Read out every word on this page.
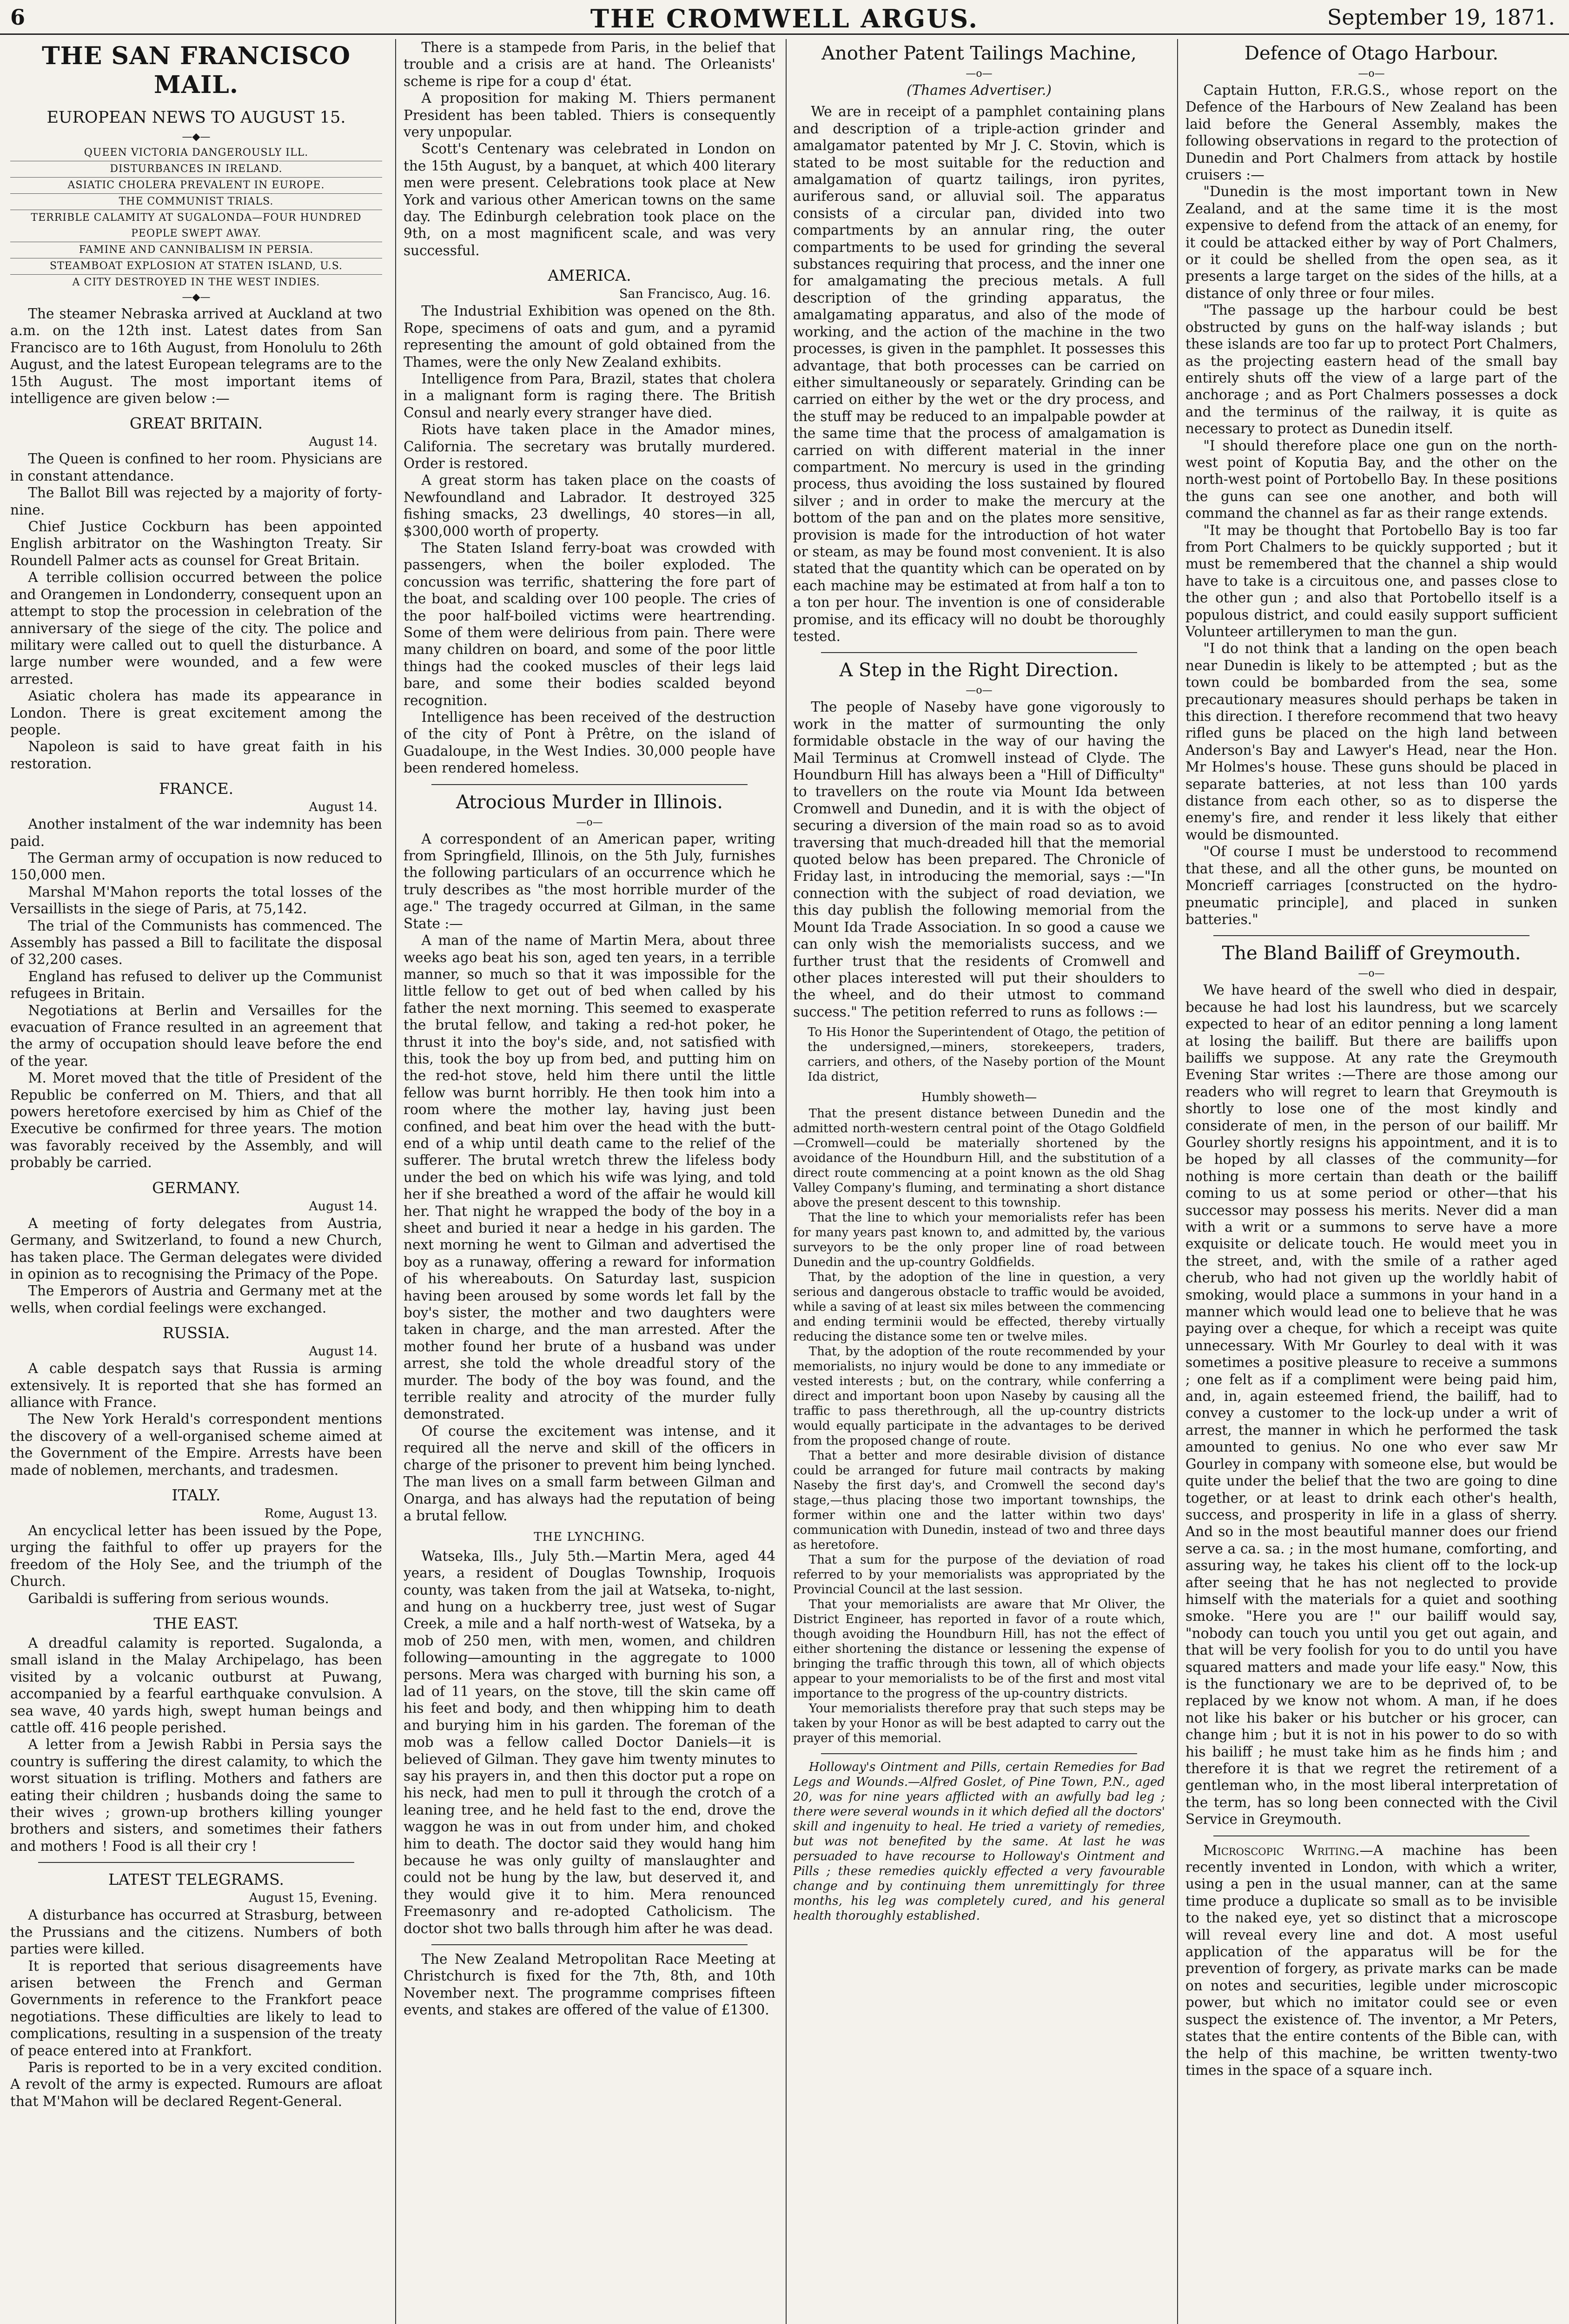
6	THE CROMWELL ARGUS.	September 19, 1871.
THE SAN FRANCISCO MAIL.
EUROPEAN NEWS TO AUGUST 15.
—◆—
QUEEN VICTORIA DANGEROUSLY ILL.
DISTURBANCES IN IRELAND.
ASIATIC CHOLERA PREVALENT IN EUROPE.
THE COMMUNIST TRIALS.
TERRIBLE CALAMITY AT SUGALONDA—FOUR HUNDRED PEOPLE SWEPT AWAY.
FAMINE AND CANNIBALISM IN PERSIA.
STEAMBOAT EXPLOSION AT STATEN ISLAND, U.S.
A CITY DESTROYED IN THE WEST INDIES.
—◆—

The steamer Nebraska arrived at Auckland at two a.m. on the 12th inst. Latest dates from San Francisco are to 16th August, from Honolulu to 26th August, and the latest European telegrams are to the 15th August. The most important items of intelligence are given below :—

GREAT BRITAIN.
August 14.

The Queen is confined to her room. Physicians are in constant attendance.

The Ballot Bill was rejected by a majority of forty-nine.

Chief Justice Cockburn has been appointed English arbitrator on the Washington Treaty. Sir Roundell Palmer acts as counsel for Great Britain.

A terrible collision occurred between the police and Orangemen in Londonderry, consequent upon an attempt to stop the procession in celebration of the anniversary of the siege of the city. The police and military were called out to quell the disturbance. A large number were wounded, and a few were arrested.

Asiatic cholera has made its appearance in London. There is great excitement among the people.

Napoleon is said to have great faith in his restoration.

FRANCE.
August 14.

Another instalment of the war indemnity has been paid.

The German army of occupation is now reduced to 150,000 men.

Marshal M'Mahon reports the total losses of the Versaillists in the siege of Paris, at 75,142.

The trial of the Communists has commenced. The Assembly has passed a Bill to facilitate the disposal of 32,200 cases.

England has refused to deliver up the Communist refugees in Britain.

Negotiations at Berlin and Versailles for the evacuation of France resulted in an agreement that the army of occupation should leave before the end of the year.

M. Moret moved that the title of President of the Republic be conferred on M. Thiers, and that all powers heretofore exercised by him as Chief of the Executive be confirmed for three years. The motion was favorably received by the Assembly, and will probably be carried.

GERMANY.
August 14.

A meeting of forty delegates from Austria, Germany, and Switzerland, to found a new Church, has taken place. The German delegates were divided in opinion as to recognising the Primacy of the Pope.

The Emperors of Austria and Germany met at the wells, when cordial feelings were exchanged.

RUSSIA.
August 14.

A cable despatch says that Russia is arming extensively. It is reported that she has formed an alliance with France.

The New York Herald's correspondent mentions the discovery of a well-organised scheme aimed at the Government of the Empire. Arrests have been made of noblemen, merchants, and tradesmen.

ITALY.
Rome, August 13.

An encyclical letter has been issued by the Pope, urging the faithful to offer up prayers for the freedom of the Holy See, and the triumph of the Church.

Garibaldi is suffering from serious wounds.

THE EAST.

A dreadful calamity is reported. Sugalonda, a small island in the Malay Archipelago, has been visited by a volcanic outburst at Puwang, accompanied by a fearful earthquake convulsion. A sea wave, 40 yards high, swept human beings and cattle off. 416 people perished.

A letter from a Jewish Rabbi in Persia says the country is suffering the direst calamity, to which the worst situation is trifling. Mothers and fathers are eating their children ; husbands doing the same to their wives ; grown-up brothers killing younger brothers and sisters, and sometimes their fathers and mothers ! Food is all their cry !

LATEST TELEGRAMS.
August 15, Evening.

A disturbance has occurred at Strasburg, between the Prussians and the citizens. Numbers of both parties were killed.

It is reported that serious disagreements have arisen between the French and German Governments in reference to the Frankfort peace negotiations. These difficulties are likely to lead to complications, resulting in a suspension of the treaty of peace entered into at Frankfort.

Paris is reported to be in a very excited condition. A revolt of the army is expected. Rumours are afloat that M'Mahon will be declared Regent-General.

There is a stampede from Paris, in the belief that trouble and a crisis are at hand. The Orleanists' scheme is ripe for a coup d' état.

A proposition for making M. Thiers permanent President has been tabled. Thiers is consequently very unpopular.

Scott's Centenary was celebrated in London on the 15th August, by a banquet, at which 400 literary men were present. Celebrations took place at New York and various other American towns on the same day. The Edinburgh celebration took place on the 9th, on a most magnificent scale, and was very successful.

AMERICA.
San Francisco, Aug. 16.

The Industrial Exhibition was opened on the 8th. Rope, specimens of oats and gum, and a pyramid representing the amount of gold obtained from the Thames, were the only New Zealand exhibits.

Intelligence from Para, Brazil, states that cholera in a malignant form is raging there. The British Consul and nearly every stranger have died.

Riots have taken place in the Amador mines, California. The secretary was brutally murdered. Order is restored.

A great storm has taken place on the coasts of Newfoundland and Labrador. It destroyed 325 fishing smacks, 23 dwellings, 40 stores—in all, $300,000 worth of property.

The Staten Island ferry-boat was crowded with passengers, when the boiler exploded. The concussion was terrific, shattering the fore part of the boat, and scalding over 100 people. The cries of the poor half-boiled victims were heartrending. Some of them were delirious from pain. There were many children on board, and some of the poor little things had the cooked muscles of their legs laid bare, and some their bodies scalded beyond recognition.

Intelligence has been received of the destruction of the city of Pont à Prêtre, on the island of Guadaloupe, in the West Indies. 30,000 people have been rendered homeless.

Atrocious Murder in Illinois.
—o—

A correspondent of an American paper, writing from Springfield, Illinois, on the 5th July, furnishes the following particulars of an occurrence which he truly describes as "the most horrible murder of the age." The tragedy occurred at Gilman, in the same State :—

A man of the name of Martin Mera, about three weeks ago beat his son, aged ten years, in a terrible manner, so much so that it was impossible for the little fellow to get out of bed when called by his father the next morning. This seemed to exasperate the brutal fellow, and taking a red-hot poker, he thrust it into the boy's side, and, not satisfied with this, took the boy up from bed, and putting him on the red-hot stove, held him there until the little fellow was burnt horribly. He then took him into a room where the mother lay, having just been confined, and beat him over the head with the butt-end of a whip until death came to the relief of the sufferer. The brutal wretch threw the lifeless body under the bed on which his wife was lying, and told her if she breathed a word of the affair he would kill her. That night he wrapped the body of the boy in a sheet and buried it near a hedge in his garden. The next morning he went to Gilman and advertised the boy as a runaway, offering a reward for information of his whereabouts. On Saturday last, suspicion having been aroused by some words let fall by the boy's sister, the mother and two daughters were taken in charge, and the man arrested. After the mother found her brute of a husband was under arrest, she told the whole dreadful story of the murder. The body of the boy was found, and the terrible reality and atrocity of the murder fully demonstrated.

Of course the excitement was intense, and it required all the nerve and skill of the officers in charge of the prisoner to prevent him being lynched. The man lives on a small farm between Gilman and Onarga, and has always had the reputation of being a brutal fellow.

THE LYNCHING.

Watseka, Ills., July 5th.—Martin Mera, aged 44 years, a resident of Douglas Township, Iroquois county, was taken from the jail at Watseka, to-night, and hung on a huckberry tree, just west of Sugar Creek, a mile and a half north-west of Watseka, by a mob of 250 men, with men, women, and children following—amounting in the aggregate to 1000 persons. Mera was charged with burning his son, a lad of 11 years, on the stove, till the skin came off his feet and body, and then whipping him to death and burying him in his garden. The foreman of the mob was a fellow called Doctor Daniels—it is believed of Gilman. They gave him twenty minutes to say his prayers in, and then this doctor put a rope on his neck, had men to pull it through the crotch of a leaning tree, and he held fast to the end, drove the waggon he was in out from under him, and choked him to death. The doctor said they would hang him because he was only guilty of manslaughter and could not be hung by the law, but deserved it, and they would give it to him. Mera renounced Freemasonry and re-adopted Catholicism. The doctor shot two balls through him after he was dead.

The New Zealand Metropolitan Race Meeting at Christchurch is fixed for the 7th, 8th, and 10th November next. The programme comprises fifteen events, and stakes are offered of the value of £1300.

Another Patent Tailings Machine,
—o—
(Thames Advertiser.)

We are in receipt of a pamphlet containing plans and description of a triple-action grinder and amalgamator patented by Mr J. C. Stovin, which is stated to be most suitable for the reduction and amalgamation of quartz tailings, iron pyrites, auriferous sand, or alluvial soil. The apparatus consists of a circular pan, divided into two compartments by an annular ring, the outer compartments to be used for grinding the several substances requiring that process, and the inner one for amalgamating the precious metals. A full description of the grinding apparatus, the amalgamating apparatus, and also of the mode of working, and the action of the machine in the two processes, is given in the pamphlet. It possesses this advantage, that both processes can be carried on either simultaneously or separately. Grinding can be carried on either by the wet or the dry process, and the stuff may be reduced to an impalpable powder at the same time that the process of amalgamation is carried on with different material in the inner compartment. No mercury is used in the grinding process, thus avoiding the loss sustained by floured silver ; and in order to make the mercury at the bottom of the pan and on the plates more sensitive, provision is made for the introduction of hot water or steam, as may be found most convenient. It is also stated that the quantity which can be operated on by each machine may be estimated at from half a ton to a ton per hour. The invention is one of considerable promise, and its efficacy will no doubt be thoroughly tested.

A Step in the Right Direction.
—o—

The people of Naseby have gone vigorously to work in the matter of surmounting the only formidable obstacle in the way of our having the Mail Terminus at Cromwell instead of Clyde. The Houndburn Hill has always been a "Hill of Difficulty" to travellers on the route via Mount Ida between Cromwell and Dunedin, and it is with the object of securing a diversion of the main road so as to avoid traversing that much-dreaded hill that the memorial quoted below has been prepared. The Chronicle of Friday last, in introducing the memorial, says :—"In connection with the subject of road deviation, we this day publish the following memorial from the Mount Ida Trade Association. In so good a cause we can only wish the memorialists success, and we further trust that the residents of Cromwell and other places interested will put their shoulders to the wheel, and do their utmost to command success." The petition referred to runs as follows :—

To His Honor the Superintendent of Otago, the petition of the undersigned,—miners, storekeepers, traders, carriers, and others, of the Naseby portion of the Mount Ida district,
Humbly showeth—

That the present distance between Dunedin and the admitted north-western central point of the Otago Goldfield—Cromwell—could be materially shortened by the avoidance of the Houndburn Hill, and the substitution of a direct route commencing at a point known as the old Shag Valley Company's fluming, and terminating a short distance above the present descent to this township.

That the line to which your memorialists refer has been for many years past known to, and admitted by, the various surveyors to be the only proper line of road between Dunedin and the up-country Goldfields.

That, by the adoption of the line in question, a very serious and dangerous obstacle to traffic would be avoided, while a saving of at least six miles between the commencing and ending terminii would be effected, thereby virtually reducing the distance some ten or twelve miles.

That, by the adoption of the route recommended by your memorialists, no injury would be done to any immediate or vested interests ; but, on the contrary, while conferring a direct and important boon upon Naseby by causing all the traffic to pass therethrough, all the up-country districts would equally participate in the advantages to be derived from the proposed change of route.

That a better and more desirable division of distance could be arranged for future mail contracts by making Naseby the first day's, and Cromwell the second day's stage,—thus placing those two important townships, the former within one and the latter within two days' communication with Dunedin, instead of two and three days as heretofore.

That a sum for the purpose of the deviation of road referred to by your memorialists was appropriated by the Provincial Council at the last session.

That your memorialists are aware that Mr Oliver, the District Engineer, has reported in favor of a route which, though avoiding the Houndburn Hill, has not the effect of either shortening the distance or lessening the expense of bringing the traffic through this town, all of which objects appear to your memorialists to be of the first and most vital importance to the progress of the up-country districts.

Your memorialists therefore pray that such steps may be taken by your Honor as will be best adapted to carry out the prayer of this memorial.

Holloway's Ointment and Pills, certain Remedies for Bad Legs and Wounds.—Alfred Goslet, of Pine Town, P.N., aged 20, was for nine years afflicted with an awfully bad leg ; there were several wounds in it which defied all the doctors' skill and ingenuity to heal. He tried a variety of remedies, but was not benefited by the same. At last he was persuaded to have recourse to Holloway's Ointment and Pills ; these remedies quickly effected a very favourable change and by continuing them unremittingly for three months, his leg was completely cured, and his general health thoroughly established.

Defence of Otago Harbour.
—o—

Captain Hutton, F.R.G.S., whose report on the Defence of the Harbours of New Zealand has been laid before the General Assembly, makes the following observations in regard to the protection of Dunedin and Port Chalmers from attack by hostile cruisers :—

"Dunedin is the most important town in New Zealand, and at the same time it is the most expensive to defend from the attack of an enemy, for it could be attacked either by way of Port Chalmers, or it could be shelled from the open sea, as it presents a large target on the sides of the hills, at a distance of only three or four miles.

"The passage up the harbour could be best obstructed by guns on the half-way islands ; but these islands are too far up to protect Port Chalmers, as the projecting eastern head of the small bay entirely shuts off the view of a large part of the anchorage ; and as Port Chalmers possesses a dock and the terminus of the railway, it is quite as necessary to protect as Dunedin itself.

"I should therefore place one gun on the north-west point of Koputia Bay, and the other on the north-west point of Portobello Bay. In these positions the guns can see one another, and both will command the channel as far as their range extends.

"It may be thought that Portobello Bay is too far from Port Chalmers to be quickly supported ; but it must be remembered that the channel a ship would have to take is a circuitous one, and passes close to the other gun ; and also that Portobello itself is a populous district, and could easily support sufficient Volunteer artillerymen to man the gun.

"I do not think that a landing on the open beach near Dunedin is likely to be attempted ; but as the town could be bombarded from the sea, some precautionary measures should perhaps be taken in this direction. I therefore recommend that two heavy rifled guns be placed on the high land between Anderson's Bay and Lawyer's Head, near the Hon. Mr Holmes's house. These guns should be placed in separate batteries, at not less than 100 yards distance from each other, so as to disperse the enemy's fire, and render it less likely that either would be dismounted.

"Of course I must be understood to recommend that these, and all the other guns, be mounted on Moncrieff carriages [constructed on the hydro-pneumatic principle], and placed in sunken batteries."

The Bland Bailiff of Greymouth.
—o—

We have heard of the swell who died in despair, because he had lost his laundress, but we scarcely expected to hear of an editor penning a long lament at losing the bailiff. But there are bailiffs upon bailiffs we suppose. At any rate the Greymouth Evening Star writes :—There are those among our readers who will regret to learn that Greymouth is shortly to lose one of the most kindly and considerate of men, in the person of our bailiff. Mr Gourley shortly resigns his appointment, and it is to be hoped by all classes of the community—for nothing is more certain than death or the bailiff coming to us at some period or other—that his successor may possess his merits. Never did a man with a writ or a summons to serve have a more exquisite or delicate touch. He would meet you in the street, and, with the smile of a rather aged cherub, who had not given up the worldly habit of smoking, would place a summons in your hand in a manner which would lead one to believe that he was paying over a cheque, for which a receipt was quite unnecessary. With Mr Gourley to deal with it was sometimes a positive pleasure to receive a summons ; one felt as if a compliment were being paid him, and, in, again esteemed friend, the bailiff, had to convey a customer to the lock-up under a writ of arrest, the manner in which he performed the task amounted to genius. No one who ever saw Mr Gourley in company with someone else, but would be quite under the belief that the two are going to dine together, or at least to drink each other's health, success, and prosperity in life in a glass of sherry. And so in the most beautiful manner does our friend serve a ca. sa. ; in the most humane, comforting, and assuring way, he takes his client off to the lock-up after seeing that he has not neglected to provide himself with the materials for a quiet and soothing smoke. "Here you are !" our bailiff would say, "nobody can touch you until you get out again, and that will be very foolish for you to do until you have squared matters and made your life easy." Now, this is the functionary we are to be deprived of, to be replaced by we know not whom. A man, if he does not like his baker or his butcher or his grocer, can change him ; but it is not in his power to do so with his bailiff ; he must take him as he finds him ; and therefore it is that we regret the retirement of a gentleman who, in the most liberal interpretation of the term, has so long been connected with the Civil Service in Greymouth.

Microscopic Writing.—A machine has been recently invented in London, with which a writer, using a pen in the usual manner, can at the same time produce a duplicate so small as to be invisible to the naked eye, yet so distinct that a microscope will reveal every line and dot. A most useful application of the apparatus will be for the prevention of forgery, as private marks can be made on notes and securities, legible under microscopic power, but which no imitator could see or even suspect the existence of. The inventor, a Mr Peters, states that the entire contents of the Bible can, with the help of this machine, be written twenty-two times in the space of a square inch.
